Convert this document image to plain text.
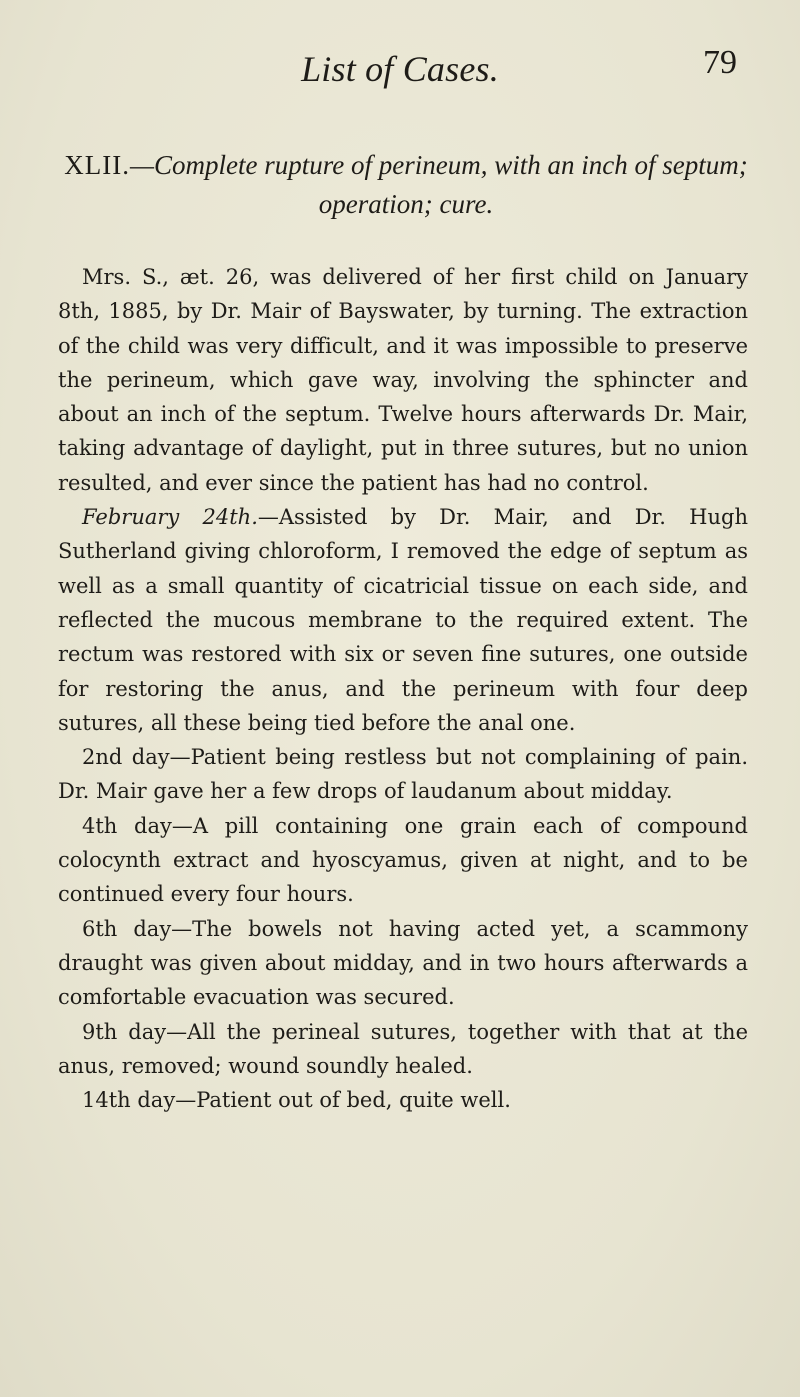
List of Cases.	79
XLII.—Complete rupture of perineum, with an inch of septum; operation; cure.

Mrs. S., æt. 26, was delivered of her first child on January 8th, 1885, by Dr. Mair of Bayswater, by turning. The extraction of the child was very difficult, and it was impossible to preserve the perineum, which gave way, involving the sphincter and about an inch of the septum. Twelve hours afterwards Dr. Mair, taking advantage of daylight, put in three sutures, but no union resulted, and ever since the patient has had no control.

February 24th.—Assisted by Dr. Mair, and Dr. Hugh Sutherland giving chloroform, I removed the edge of septum as well as a small quantity of cicatricial tissue on each side, and reflected the mucous membrane to the required extent. The rectum was restored with six or seven fine sutures, one outside for restoring the anus, and the perineum with four deep sutures, all these being tied before the anal one.

2nd day—Patient being restless but not complaining of pain. Dr. Mair gave her a few drops of laudanum about midday.

4th day—A pill containing one grain each of compound colocynth extract and hyoscyamus, given at night, and to be continued every four hours.

6th day—The bowels not having acted yet, a scammony draught was given about midday, and in two hours afterwards a comfortable evacuation was secured.

9th day—All the perineal sutures, together with that at the anus, removed; wound soundly healed.

14th day—Patient out of bed, quite well.
